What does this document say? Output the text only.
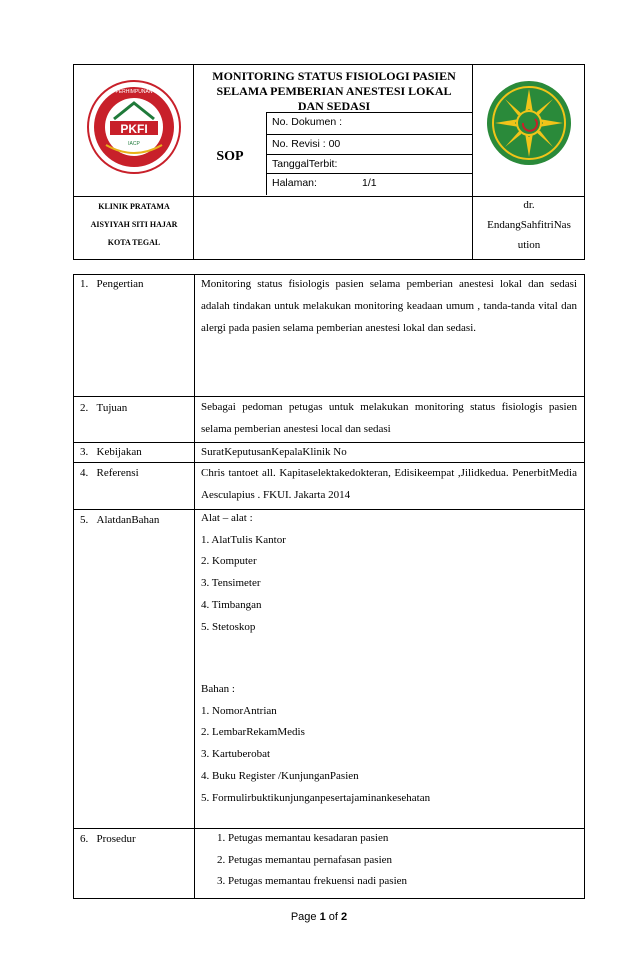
PKFI
IACP
PERHIMPUNAN
MONITORING STATUS FISIOLOGI PASIEN
SELAMA PEMBERIAN ANESTESI LOKAL
DAN SEDASI
SOP
No. Dokumen :
No. Revisi : 00
TanggalTerbit:
Halaman:	1/1
KLINIK PRATAMA
AISYIYAH SITI HAJAR
KOTA TEGAL
dr.
EndangSahfitriNas
ution
1. Pengertian	Monitoring status fisiologis pasien selama pemberian anestesi lokal dan sedasi adalah tindakan untuk melakukan monitoring keadaan umum , tanda-tanda vital dan alergi pada pasien selama pemberian anestesi lokal dan sedasi.
2. Tujuan	Sebagai pedoman petugas untuk melakukan monitoring status fisiologis pasien selama pemberian anestesi local dan sedasi
3. Kebijakan	SuratKeputusanKepalaKlinik No
4. Referensi	Chris tantoet all. Kapitaselektakedokteran, Edisikeempat ,Jilidkedua. PenerbitMedia Aesculapius . FKUI. Jakarta 2014
5. AlatdanBahan	Alat – alat :
1. AlatTulis Kantor
2. Komputer
3. Tensimeter
4. Timbangan
5. Stetoskop
Bahan :
1. NomorAntrian
2. LembarRekamMedis
3. Kartuberobat
4. Buku Register /KunjunganPasien
5. Formulirbuktikunjunganpesertajaminankesehatan
6. Prosedur	1. Petugas memantau kesadaran pasien
2. Petugas memantau pernafasan pasien
3. Petugas memantau frekuensi nadi pasien
Page 1 of 2
